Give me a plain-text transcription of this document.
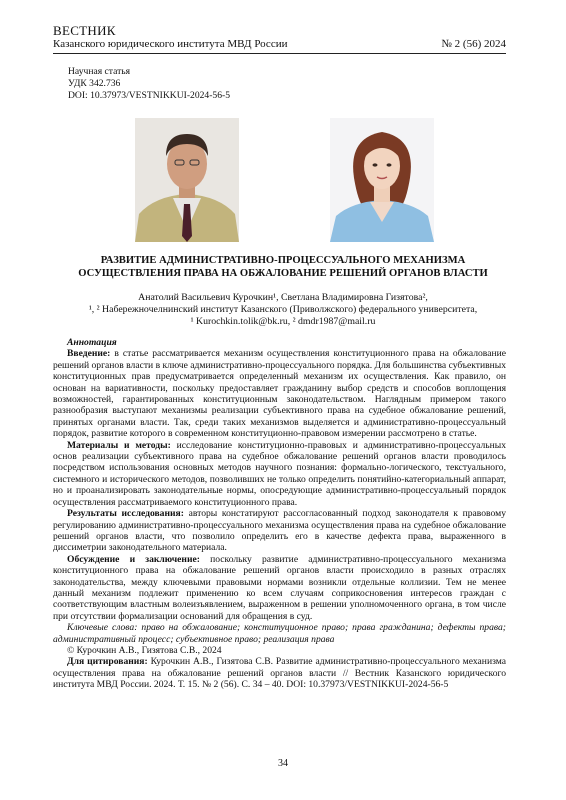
ВЕСТНИК
Казанского юридического института МВД России	№ 2 (56) 2024
Научная статья
УДК 342.736
DOI: 10.37973/VESTNIKKUI-2024-56-5
РАЗВИТИЕ АДМИНИСТРАТИВНО-ПРОЦЕССУАЛЬНОГО МЕХАНИЗМА
ОСУЩЕСТВЛЕНИЯ ПРАВА НА ОБЖАЛОВАНИЕ РЕШЕНИЙ ОРГАНОВ ВЛАСТИ
Анатолий Васильевич Курочкин¹, Светлана Владимировна Гизятова²,
¹, ² Набережночелнинский институт Казанского (Приволжского) федерального университета,
¹ Kurochkin.tolik@bk.ru, ² dmdr1987@mail.ru

Аннотация

Введение: в статье рассматривается механизм осуществления конституционного права на обжалование решений органов власти в ключе административно-процессуального порядка. Для большинства субъективных конституционных прав предусматривается определенный механизм их осуществления. Как правило, он основан на вариативности, поскольку предоставляет гражданину выбор средств и способов воплощения возможностей, гарантированных конституционным законодательством. Наглядным примером такого разнообразия выступают механизмы реализации субъективного права на судебное обжалование решений, принятых органами власти. Так, среди таких механизмов выделяется и административно-процессуальный порядок, развитие которого в современном конституционно-правовом измерении рассмотрено в статье.

Материалы и методы: исследование конституционно-правовых и административно-процессуальных основ реализации субъективного права на судебное обжалование решений органов власти проводилось посредством использования основных методов научного познания: формально-логического, текстуального, системного и исторического методов, позволивших не только определить понятийно-категориальный аппарат, но и проанализировать законодательные нормы, опосредующие административно-процессуальный порядок осуществления рассматриваемого конституционного права.

Результаты исследования: авторы констатируют рассогласованный подход законодателя к правовому регулированию административно-процессуального механизма осуществления права на судебное обжалование решений органов власти, что позволило определить его в качестве дефекта права, выраженного в диссиметрии законодательного материала.

Обсуждение и заключение: поскольку развитие административно-процессуального механизма конституционного права на обжалование решений органов власти происходило в разных отраслях законодательства, между ключевыми правовыми нормами возникли отдельные коллизии. Тем не менее данный механизм подлежит применению ко всем случаям соприкосновения интересов граждан с соответствующим властным волеизъявлением, выраженном в решении уполномоченного органа, в том числе при отсутствии формализации оснований для обращения в суд.

Ключевые слова: право на обжалование; конституционное право; права гражданина; дефекты права; административный процесс; субъективное право; реализация права

© Курочкин А.В., Гизятова С.В., 2024

Для цитирования: Курочкин А.В., Гизятова С.В. Развитие административно-процессуального механизма осуществления права на обжалование решений органов власти // Вестник Казанского юридического института МВД России. 2024. Т. 15. № 2 (56). С. 34 – 40. DOI: 10.37973/VESTNIKKUI-2024-56-5

34
